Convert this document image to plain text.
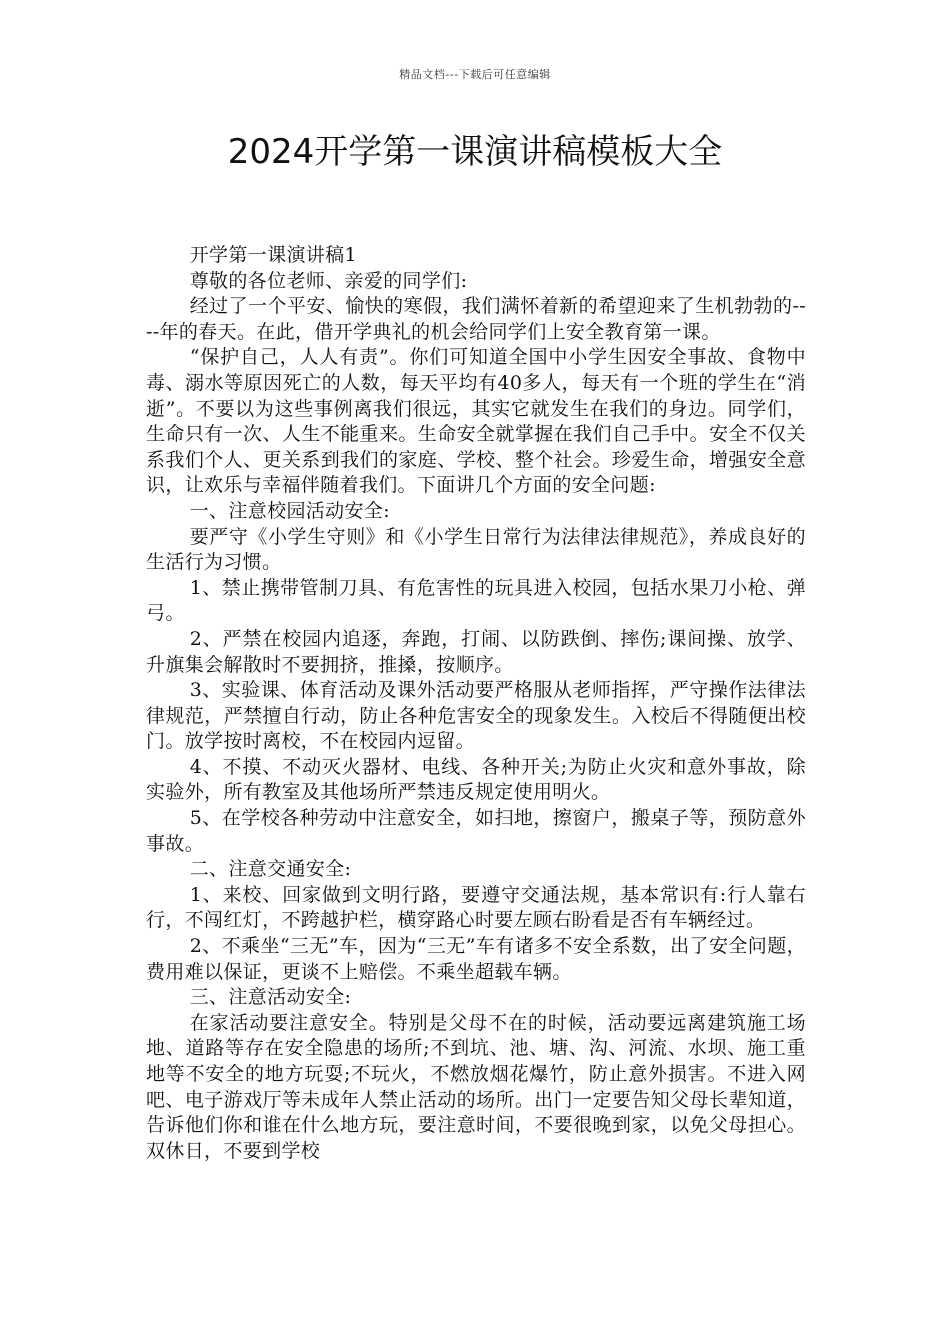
精品文档---下载后可任意编辑
2024开学第一课演讲稿模板大全

开学第一课演讲稿1

尊敬的各位老师、亲爱的同学们:

经过了一个平安、愉快的寒假，我们满怀着新的希望迎来了生机勃勃的----年的春天。在此，借开学典礼的机会给同学们上安全教育第一课。

“保护自己，人人有责”。你们可知道全国中小学生因安全事故、食物中毒、溺水等原因死亡的人数，每天平均有40多人，每天有一个班的学生在“消逝”。不要以为这些事例离我们很远，其实它就发生在我们的身边。同学们，生命只有一次、人生不能重来。生命安全就掌握在我们自己手中。安全不仅关系我们个人、更关系到我们的家庭、学校、整个社会。珍爱生命，增强安全意识，让欢乐与幸福伴随着我们。下面讲几个方面的安全问题:

一、注意校园活动安全:

要严守《小学生守则》和《小学生日常行为法律法律规范》，养成良好的生活行为习惯。

1、禁止携带管制刀具、有危害性的玩具进入校园，包括水果刀小枪、弹弓。

2、严禁在校园内追逐，奔跑，打闹、以防跌倒、摔伤;课间操、放学、升旗集会解散时不要拥挤，推搡，按顺序。

3、实验课、体育活动及课外活动要严格服从老师指挥，严守操作法律法律规范，严禁擅自行动，防止各种危害安全的现象发生。入校后不得随便出校门。放学按时离校，不在校园内逗留。

4、不摸、不动灭火器材、电线、各种开关;为防止火灾和意外事故，除实验外，所有教室及其他场所严禁违反规定使用明火。

5、在学校各种劳动中注意安全，如扫地，擦窗户，搬桌子等，预防意外事故。

二、注意交通安全:

1、来校、回家做到文明行路，要遵守交通法规，基本常识有:行人靠右行，不闯红灯，不跨越护栏，横穿路心时要左顾右盼看是否有车辆经过。

2、不乘坐“三无”车，因为“三无”车有诸多不安全系数，出了安全问题，费用难以保证，更谈不上赔偿。不乘坐超载车辆。

三、注意活动安全:

在家活动要注意安全。特别是父母不在的时候，活动要远离建筑施工场地、道路等存在安全隐患的场所;不到坑、池、塘、沟、河流、水坝、施工重地等不安全的地方玩耍;不玩火，不燃放烟花爆竹，防止意外损害。不进入网吧、电子游戏厅等未成年人禁止活动的场所。出门一定要告知父母长辈知道，告诉他们你和谁在什么地方玩，要注意时间，不要很晚到家，以免父母担心。双休日，不要到学校
